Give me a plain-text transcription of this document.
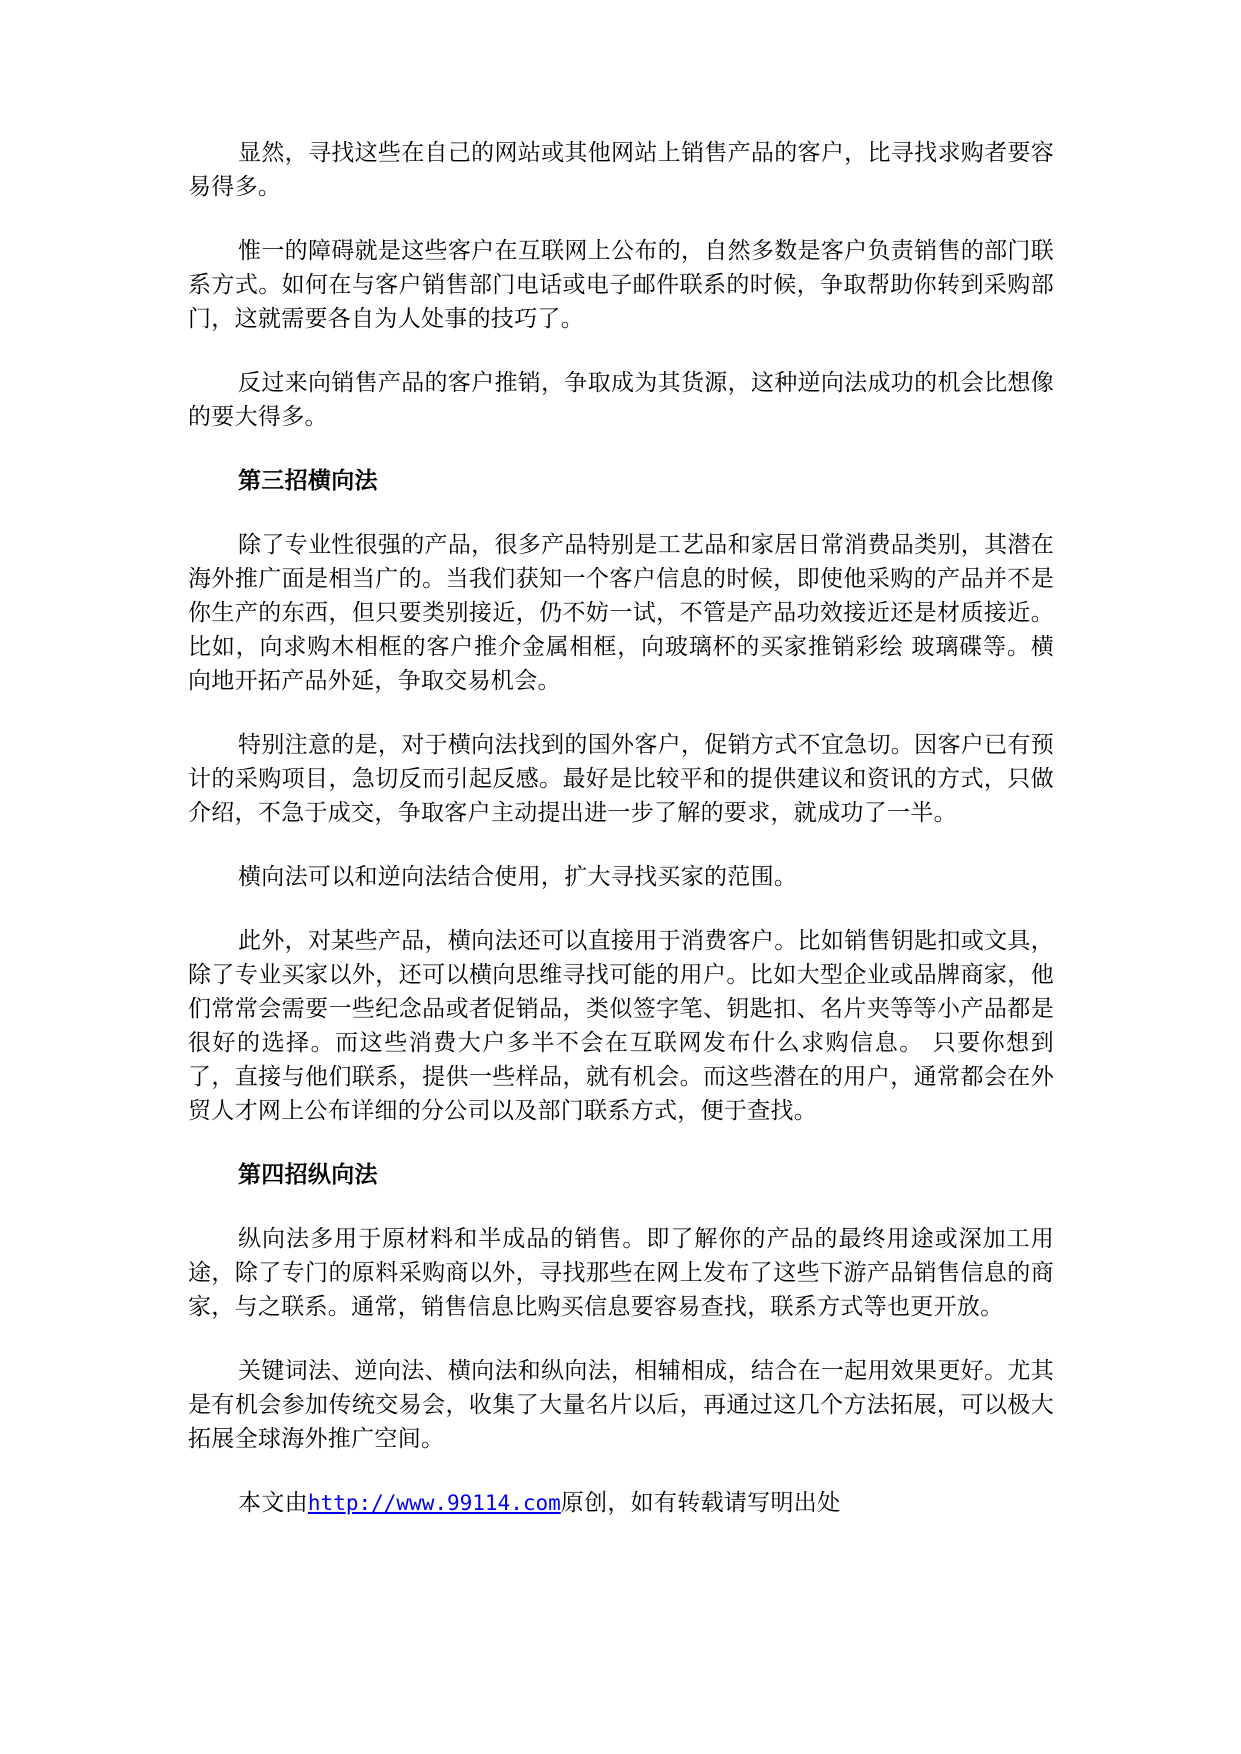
显然，寻找这些在自己的网站或其他网站上销售产品的客户，比寻找求购者要容易得多。

惟一的障碍就是这些客户在互联网上公布的，自然多数是客户负责销售的部门联系方式。如何在与客户销售部门电话或电子邮件联系的时候，争取帮助你转到采购部门，这就需要各自为人处事的技巧了。

反过来向销售产品的客户推销，争取成为其货源，这种逆向法成功的机会比想像的要大得多。

第三招横向法

除了专业性很强的产品，很多产品特别是工艺品和家居日常消费品类别，其潜在海外推广面是相当广的。当我们获知一个客户信息的时候，即使他采购的产品并不是你生产的东西，但只要类别接近，仍不妨一试，不管是产品功效接近还是材质接近。比如，向求购木相框的客户推介金属相框，向玻璃杯的买家推销彩绘 玻璃碟等。横向地开拓产品外延，争取交易机会。

特别注意的是，对于横向法找到的国外客户，促销方式不宜急切。因客户已有预计的采购项目，急切反而引起反感。最好是比较平和的提供建议和资讯的方式，只做介绍，不急于成交，争取客户主动提出进一步了解的要求，就成功了一半。

横向法可以和逆向法结合使用，扩大寻找买家的范围。

此外，对某些产品，横向法还可以直接用于消费客户。比如销售钥匙扣或文具，除了专业买家以外，还可以横向思维寻找可能的用户。比如大型企业或品牌商家，他们常常会需要一些纪念品或者促销品，类似签字笔、钥匙扣、名片夹等等小产品都是很好的选择。而这些消费大户多半不会在互联网发布什么求购信息。 只要你想到了，直接与他们联系，提供一些样品，就有机会。而这些潜在的用户，通常都会在外贸人才网上公布详细的分公司以及部门联系方式，便于查找。

第四招纵向法

纵向法多用于原材料和半成品的销售。即了解你的产品的最终用途或深加工用途，除了专门的原料采购商以外，寻找那些在网上发布了这些下游产品销售信息的商家，与之联系。通常，销售信息比购买信息要容易查找，联系方式等也更开放。

关键词法、逆向法、横向法和纵向法，相辅相成，结合在一起用效果更好。尤其是有机会参加传统交易会，收集了大量名片以后，再通过这几个方法拓展，可以极大拓展全球海外推广空间。

本文由http://www.99114.com原创，如有转载请写明出处
